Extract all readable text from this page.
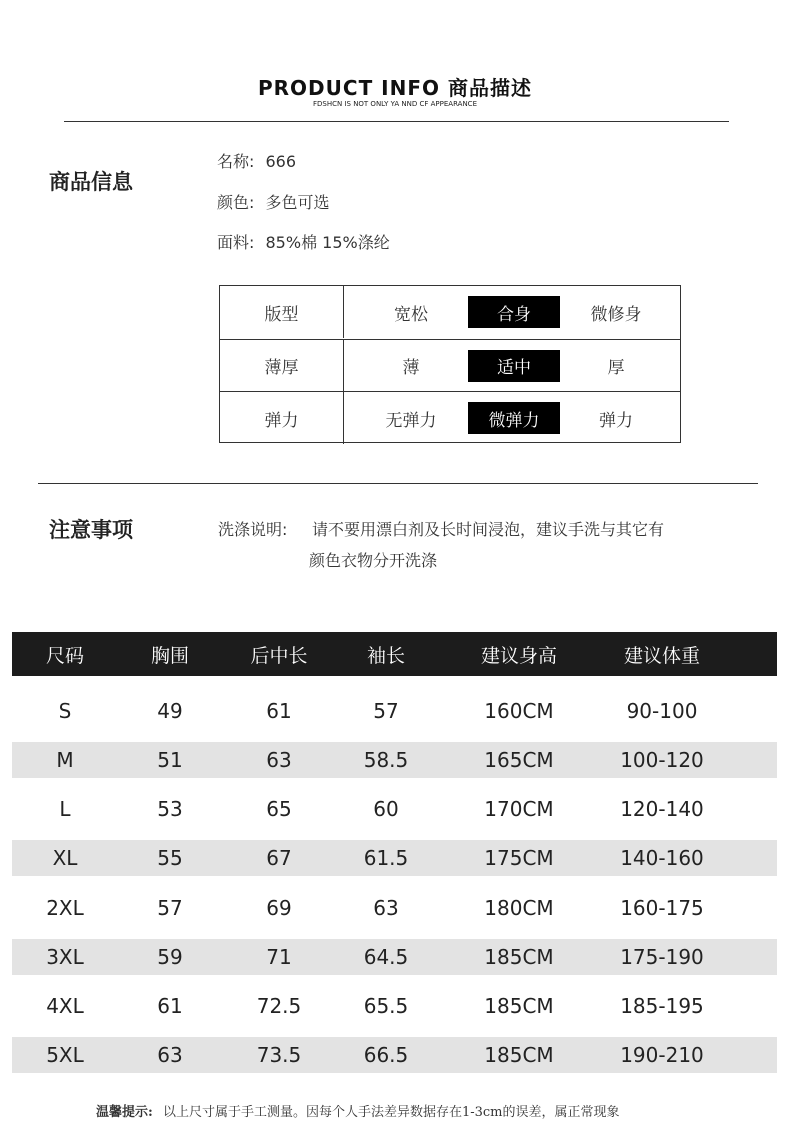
PRODUCT INFO 商品描述
FDSHCN IS NOT ONLY YA NND CF APPEARANCE
商品信息
名称: 666
颜色: 多色可选
面料: 85%棉 15%涤纶
版型	宽松	合身	微修身
薄厚	薄	适中	厚
弹力	无弹力	微弹力	弹力
注意事项	洗涤说明: 请不要用漂白剂及长时间浸泡，建议手洗与其它有
颜色衣物分开洗涤
尺码	胸围	后中长	袖长	建议身高	建议体重
S	49	61	57	160CM	90-100
M	51	63	58.5	165CM	100-120
L	53	65	60	170CM	120-140
XL	55	67	61.5	175CM	140-160
2XL	57	69	63	180CM	160-175
3XL	59	71	64.5	185CM	175-190
4XL	61	72.5	65.5	185CM	185-195
5XL	63	73.5	66.5	185CM	190-210
温馨提示: 以上尺寸属于手工测量。因每个人手法差异数据存在1-3cm的误差，属正常现象
